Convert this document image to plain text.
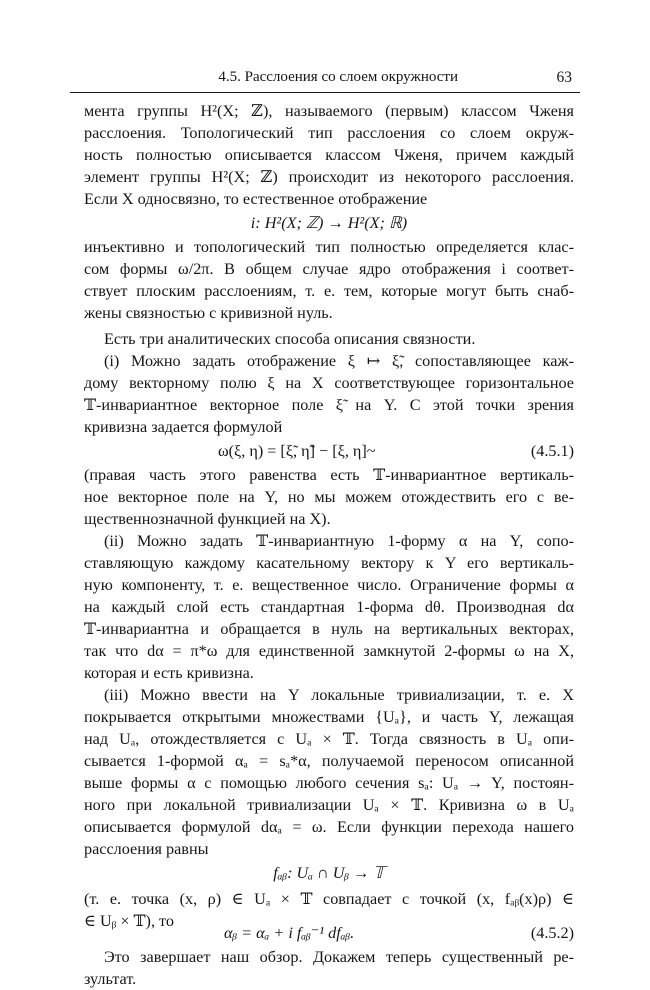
4.5. Расслоения со слоем окружности	63
мента группы H²(X; ℤ), называемого (первым) классом Чженя
расслоения. Топологический тип расслоения со слоем окруж-
ность полностью описывается классом Чженя, причем каждый
элемент группы H²(X; ℤ) происходит из некоторого расслоения.
Если X односвязно, то естественное отображение
i: H²(X; ℤ) → H²(X; ℝ)
инъективно и топологический тип полностью определяется клас-
сом формы ω/2π. В общем случае ядро отображения i соответ-
ствует плоским расслоениям, т. е. тем, которые могут быть снаб-
жены связностью с кривизной нуль.
Есть три аналитических способа описания связности.
(i) Можно задать отображение ξ ↦ ξ̃, сопоставляющее каж-
дому векторному полю ξ на X соответствующее горизонтальное
𝕋-инвариантное векторное поле ξ̃ на Y. С этой точки зрения
кривизна задается формулой
ω(ξ, η) = [ξ̃, η̃] − [ξ, η]~	(4.5.1)
(правая часть этого равенства есть 𝕋-инвариантное вертикаль-
ное векторное поле на Y, но мы можем отождествить его с ве-
щественнозначной функцией на X).
(ii) Можно задать 𝕋-инвариантную 1-форму α на Y, сопо-
ставляющую каждому касательному вектору к Y его вертикаль-
ную компоненту, т. е. вещественное число. Ограничение формы α
на каждый слой есть стандартная 1-форма dθ. Производная dα
𝕋-инвариантна и обращается в нуль на вертикальных векторах,
так что dα = π*ω для единственной замкнутой 2-формы ω на X,
которая и есть кривизна.
(iii) Можно ввести на Y локальные тривиализации, т. е. X
покрывается открытыми множествами {Uₐ}, и часть Y, лежащая
над Uₐ, отождествляется с Uₐ × 𝕋. Тогда связность в Uₐ опи-
сывается 1-формой αₐ = sₐ*α, получаемой переносом описанной
выше формы α с помощью любого сечения sₐ: Uₐ → Y, постоян-
ного при локальной тривиализации Uₐ × 𝕋. Кривизна ω в Uₐ
описывается формулой dαₐ = ω. Если функции перехода нашего
расслоения равны
fₐᵦ: Uₐ ∩ Uᵦ → 𝕋
(т. е. точка (x, ρ) ∈ Uₐ × 𝕋 совпадает с точкой (x, fₐᵦ(x)ρ) ∈
∈ Uᵦ × 𝕋), то
αᵦ = αₐ + i fₐᵦ⁻¹ dfₐᵦ.	(4.5.2)
Это завершает наш обзор. Докажем теперь существенный ре-
зультат.
